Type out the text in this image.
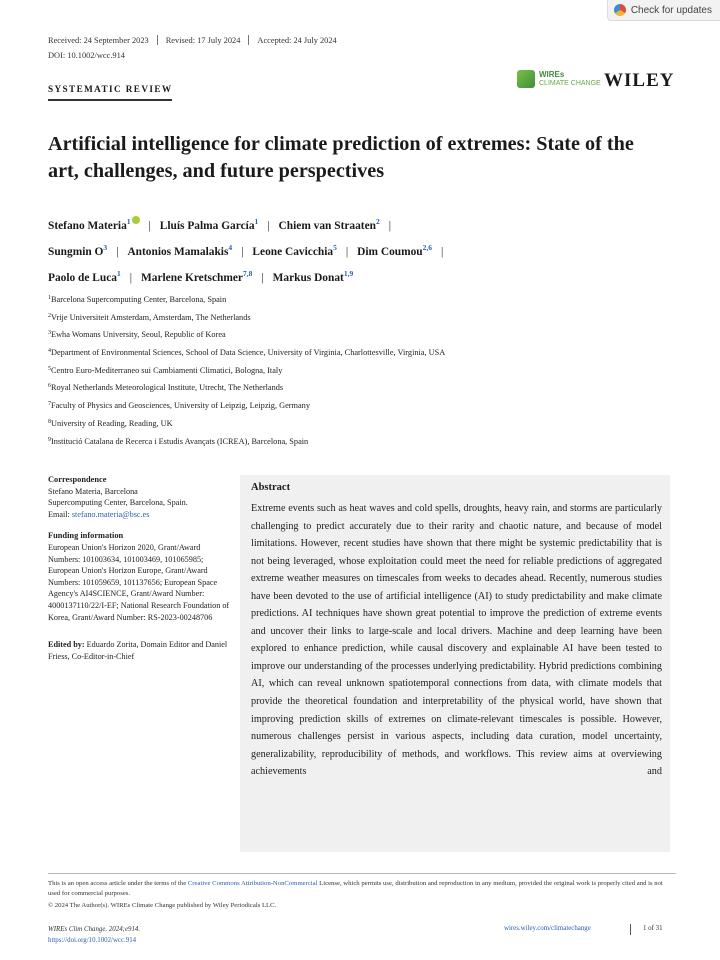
Check for updates
Received: 24 September 2023 Revised: 17 July 2024 Accepted: 24 July 2024
DOI: 10.1002/wcc.914
SYSTEMATIC REVIEW
WIREs
CLIMATE CHANGE WILEY
Artificial intelligence for climate prediction of extremes: State of the art, challenges, and future perspectives
Stefano Materia$^1$ | Lluís Palma García$^1$ | Chiem van Straaten$^2$ |
Sungmin $O^3$ | Antonios Mamalakis$^4$ | Leone Cavicchia$^5$ | Dim Coumou$^{2,6}$ |
Paolo de Luca$^1$ | Marlene Kretschmer$^{7,8}$ | Markus Donat$^{1,9}$
$^1$Barcelona Supercomputing Center, Barcelona, Spain
$^2$Vrije Universiteit Amsterdam, Amsterdam, The Netherlands
$^3$Ewha Womans University, Seoul, Republic of Korea
$^4$Department of Environmental Sciences, School of Data Science, University of Virginia, Charlottesville, Virginia, USA
$^5$Centro Euro-Mediterraneo sui Cambiamenti Climatici, Bologna, Italy
$^6$Royal Netherlands Meteorological Institute, Utrecht, The Netherlands
$^7$Faculty of Physics and Geosciences, University of Leipzig, Leipzig, Germany
$^8$University of Reading, Reading, UK
$^9$Institució Catalana de Recerca i Estudis Avançats (ICREA), Barcelona, Spain
Correspondence

Stefano Materia, Barcelona

Supercomputing Center, Barcelona, Spain.

Email: stefano.materia@bsc.es

Funding information

European Union's Horizon 2020, Grant/Award Numbers: 101003634, 101003469, 101065985; European Union's Horizon Europe, Grant/Award Numbers: 101059659, 101137656; European Space Agency's AI4SCIENCE, Grant/Award Number: 4000137110/22/I-EF; National Research Foundation of Korea, Grant/Award Number: RS-2023-00248706

Edited by: Eduardo Zorita, Domain Editor and Daniel Friess, Co-Editor-in-Chief

Abstract

Extreme events such as heat waves and cold spells, droughts, heavy rain, and storms are particularly challenging to predict accurately due to their rarity and chaotic nature, and because of model limitations. However, recent studies have shown that there might be systemic predictability that is not being leveraged, whose exploitation could meet the need for reliable predictions of aggregated extreme weather measures on timescales from weeks to decades ahead. Recently, numerous studies have been devoted to the use of artificial intelligence (AI) to study predictability and make climate predictions. AI techniques have shown great potential to improve the prediction of extreme events and uncover their links to large-scale and local drivers. Machine and deep learning have been explored to enhance prediction, while causal discovery and explainable AI have been tested to improve our understanding of the processes underlying predictability. Hybrid predictions combining AI, which can reveal unknown spatiotemporal connections from data, with climate models that provide the theoretical foundation and interpretability of the physical world, have shown that improving prediction skills of extremes on climate-relevant timescales is possible. However, numerous challenges persist in various aspects, including data curation, model uncertainty, generalizability, reproducibility of methods, and workflows. This review aims at overviewing achievements and

This is an open access article under the terms of the Creative Commons Attribution-NonCommercial License, which permits use, distribution and reproduction in any medium, provided the original work is properly cited and is not used for commercial purposes.

© 2024 The Author(s). WIREs Climate Change published by Wiley Periodicals LLC.
WIREs Clim Change. 2024;e914.
https://doi.org/10.1002/wcc.914
wires.wiley.com/climatechange	1 of 31
